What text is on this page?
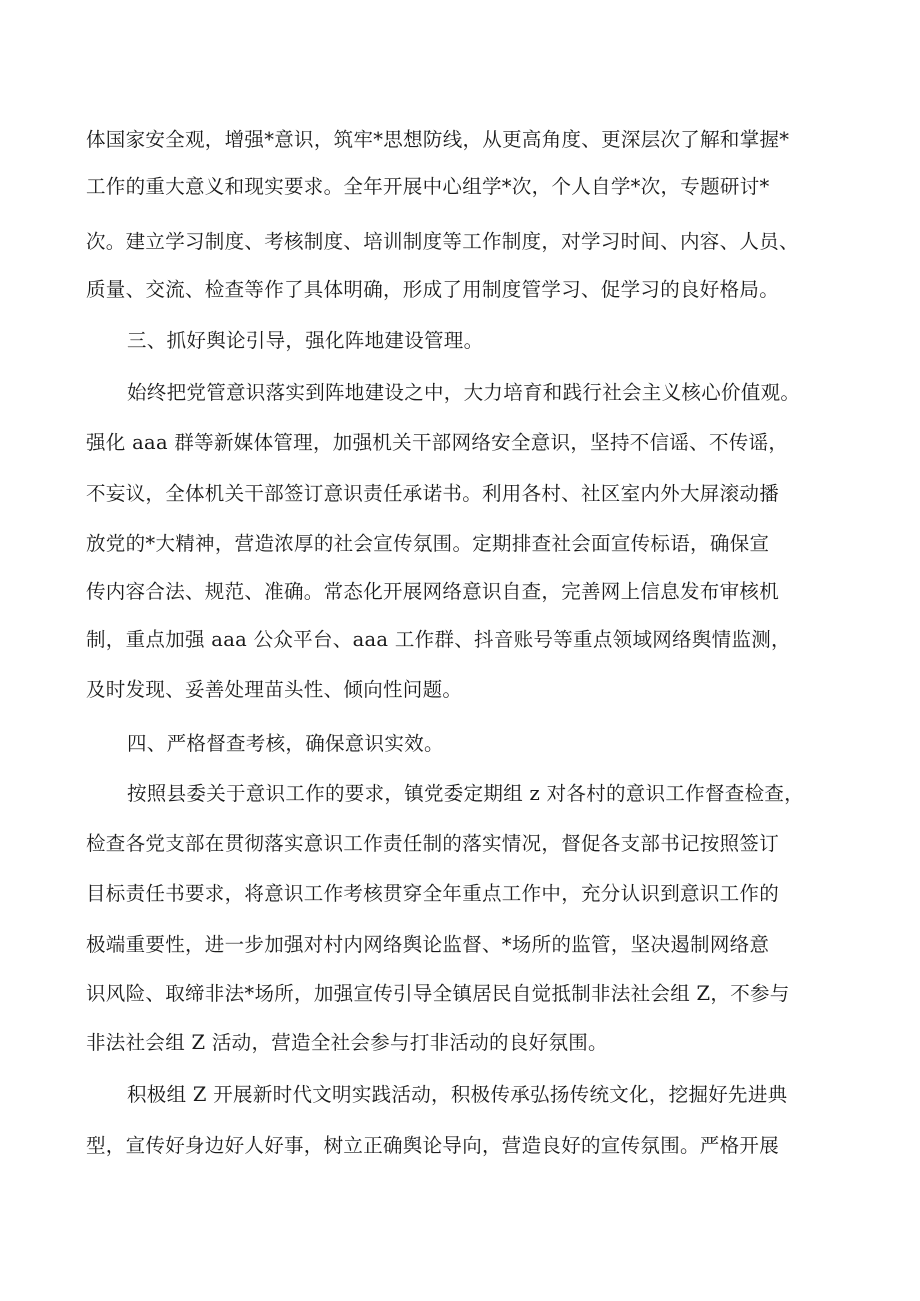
体国家安全观，增强*意识，筑牢*思想防线，从更高角度、更深层次了解和掌握*
工作的重大意义和现实要求。全年开展中心组学*次，个人自学*次，专题研讨*
次。建立学习制度、考核制度、培训制度等工作制度，对学习时间、内容、人员、
质量、交流、检查等作了具体明确，形成了用制度管学习、促学习的良好格局。
三、抓好舆论引导，强化阵地建设管理。
始终把党管意识落实到阵地建设之中，大力培育和践行社会主义核心价值观。
强化 aaa 群等新媒体管理，加强机关干部网络安全意识，坚持不信谣、不传谣，
不妄议，全体机关干部签订意识责任承诺书。利用各村、社区室内外大屏滚动播
放党的*大精神，营造浓厚的社会宣传氛围。定期排查社会面宣传标语，确保宣
传内容合法、规范、准确。常态化开展网络意识自查，完善网上信息发布审核机
制，重点加强 aaa 公众平台、aaa 工作群、抖音账号等重点领域网络舆情监测，
及时发现、妥善处理苗头性、倾向性问题。
四、严格督查考核，确保意识实效。
按照县委关于意识工作的要求，镇党委定期组 z 对各村的意识工作督查检查，
检查各党支部在贯彻落实意识工作责任制的落实情况，督促各支部书记按照签订
目标责任书要求，将意识工作考核贯穿全年重点工作中，充分认识到意识工作的
极端重要性，进一步加强对村内网络舆论监督、*场所的监管，坚决遏制网络意
识风险、取缔非法*场所，加强宣传引导全镇居民自觉抵制非法社会组 Z，不参与
非法社会组 Z 活动，营造全社会参与打非活动的良好氛围。
积极组 Z 开展新时代文明实践活动，积极传承弘扬传统文化，挖掘好先进典
型，宣传好身边好人好事，树立正确舆论导向，营造良好的宣传氛围。严格开展
